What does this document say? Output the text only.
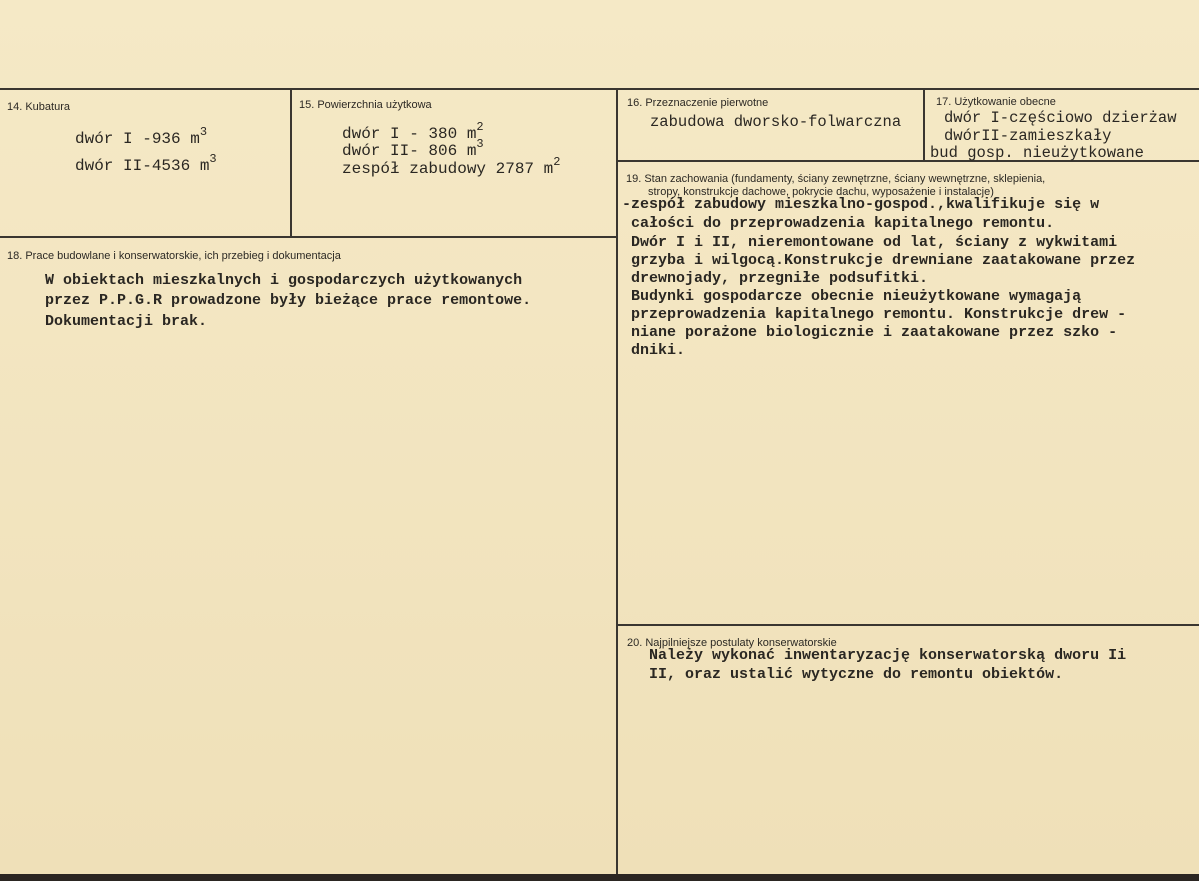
14. Kubatura
dwór I -936 $m^3$
dwór II-4536 $m^3$
15. Powierzchnia użytkowa
dwór I - 380 $m^2$
dwór II- 806 $m^3$
zespół zabudowy 2787 $m^2$
16. Przeznaczenie pierwotne
zabudowa dworsko-folwarczna
17. Użytkowanie obecne
dwór I-częściowo dzierżaw
dwórII-zamieszkały
bud gosp. nieużytkowane
18. Prace budowlane i konserwatorskie, ich przebieg i dokumentacja
W obiektach mieszkalnych i gospodarczych użytkowanych
przez P.P.G.R prowadzone były bieżące prace remontowe.
Dokumentacji brak.
19. Stan zachowania (fundamenty, ściany zewnętrzne, ściany wewnętrzne, sklepienia,
stropy, konstrukcje dachowe, pokrycie dachu, wyposażenie i instalacje)
-zespół zabudowy mieszkalno-gospod.,kwalifikuje się w
całości do przeprowadzenia kapitalnego remontu.
Dwór I i II, nieremontowane od lat, ściany z wykwitami
grzyba i wilgocą.Konstrukcje drewniane zaatakowane przez
drewnojady, przegniłe podsufitki.
Budynki gospodarcze obecnie nieużytkowane wymagają
przeprowadzenia kapitalnego remontu. Konstrukcje drew -
niane porażone biologicznie i zaatakowane przez szko -
dniki.
20. Najpilniejsze postulaty konserwatorskie
Należy wykonać inwentaryzację konserwatorską dworu Ii
II, oraz ustalić wytyczne do remontu obiektów.
